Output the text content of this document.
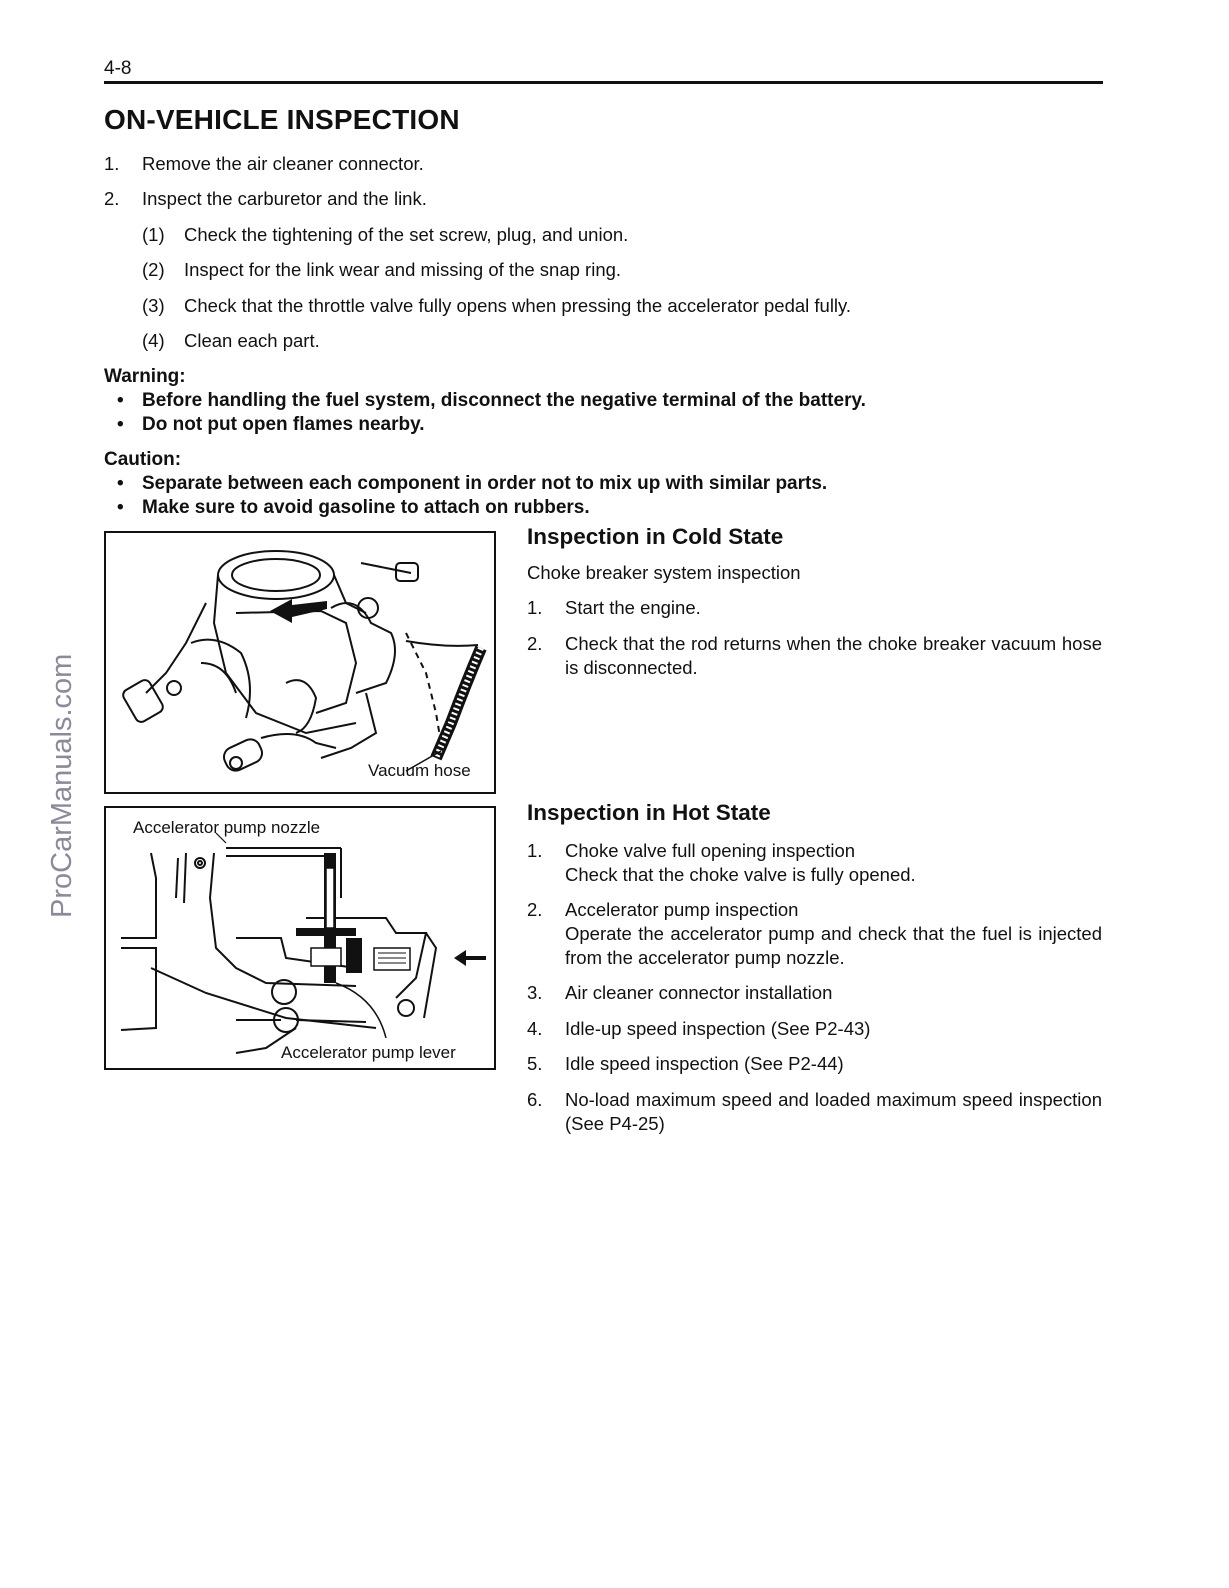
ProCarManuals.com
4-8
ON-VEHICLE INSPECTION
1. Remove the air cleaner connector.
2. Inspect the carburetor and the link.
(1) Check the tightening of the set screw, plug, and union.
(2) Inspect for the link wear and missing of the snap ring.
(3) Check that the throttle valve fully opens when pressing the accelerator pedal fully.
(4) Clean each part.
Warning:
• Before handling the fuel system, disconnect the negative terminal of the battery.
• Do not put open flames nearby.
Caution:
• Separate between each component in order not to mix up with similar parts.
• Make sure to avoid gasoline to attach on rubbers.
Vacuum hose
Accelerator pump nozzle
Accelerator pump lever
Inspection in Cold State
Choke breaker system inspection
1. Start the engine.
2. Check that the rod returns when the choke breaker vacuum hose is disconnected.
Inspection in Hot State
1. Choke valve full opening inspection
Check that the choke valve is fully opened.
2. Accelerator pump inspection
Operate the accelerator pump and check that the fuel is injected from the accelerator pump nozzle.
3. Air cleaner connector installation
4. Idle-up speed inspection (See P2-43)
5. Idle speed inspection (See P2-44)
6. No-load maximum speed and loaded maximum speed inspection (See P4-25)
